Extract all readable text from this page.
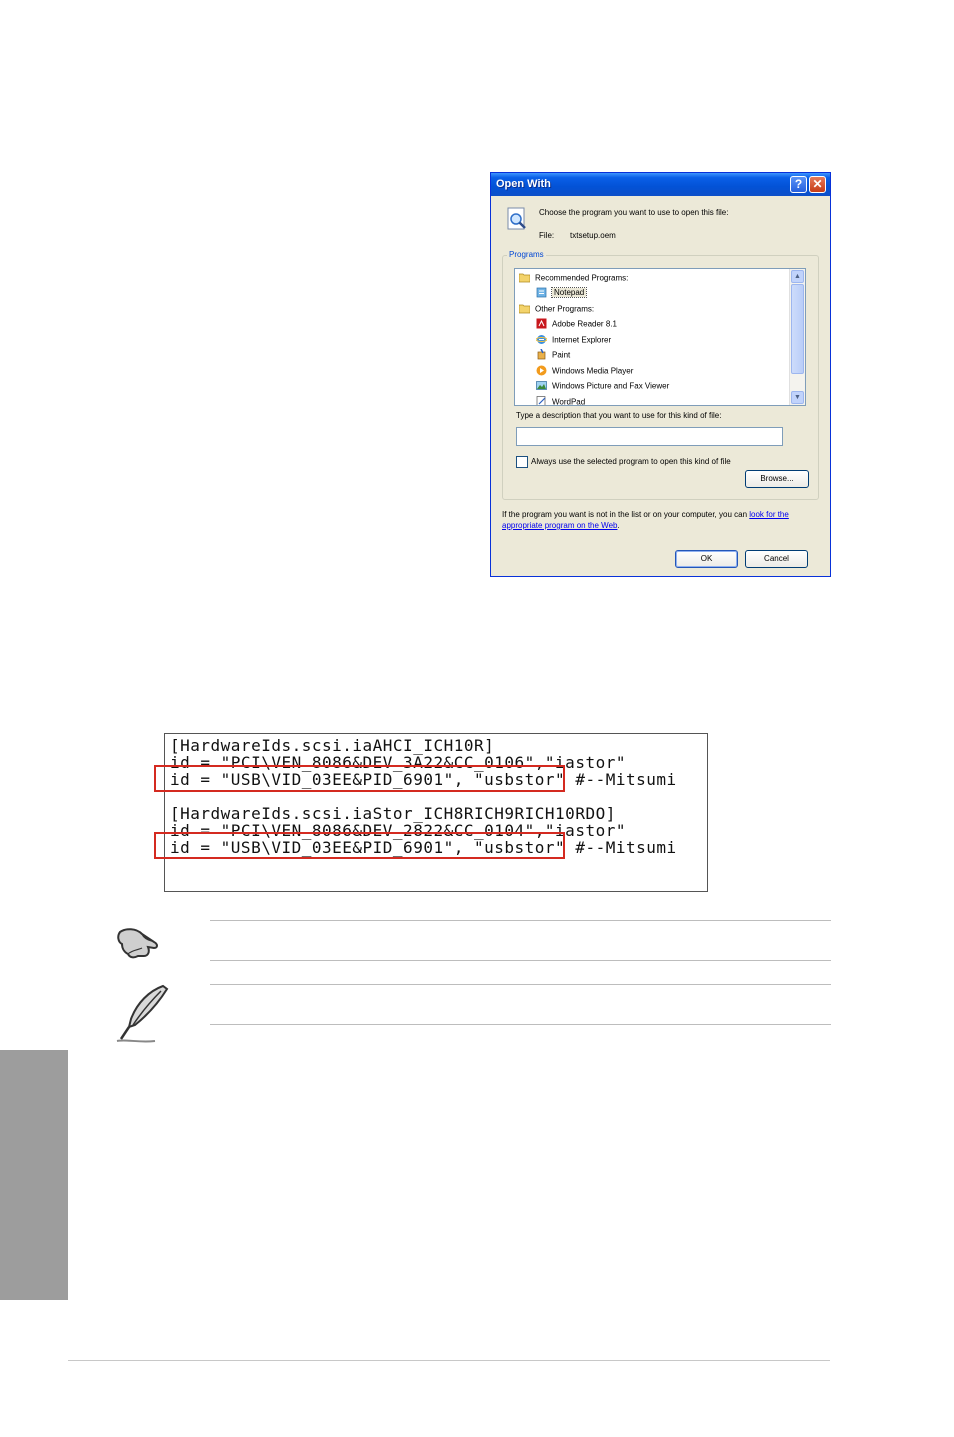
Open With	? ✕
Choose the program you want to use to open this file:
File: txtsetup.oem
Programs
Recommended Programs:
Notepad
Other Programs:
Adobe Reader 8.1
Internet Explorer
Paint
Windows Media Player
Windows Picture and Fax Viewer
WordPad
▲
▼
Type a description that you want to use for this kind of file:
Always use the selected program to open this kind of file
Browse...
If the program you want is not in the list or on your computer, you can look for the appropriate program on the Web.
OK	Cancel
[HardwareIds.scsi.iaAHCI_ICH10R]
id = "PCI\VEN_8086&DEV_3A22&CC_0106","iastor"
id = "USB\VID_03EE&PID_6901", "usbstor" #--Mitsumi
[HardwareIds.scsi.iaStor_ICH8RICH9RICH10RDO]
id = "PCI\VEN_8086&DEV_2822&CC_0104","iastor"
id = "USB\VID_03EE&PID_6901", "usbstor" #--Mitsumi
